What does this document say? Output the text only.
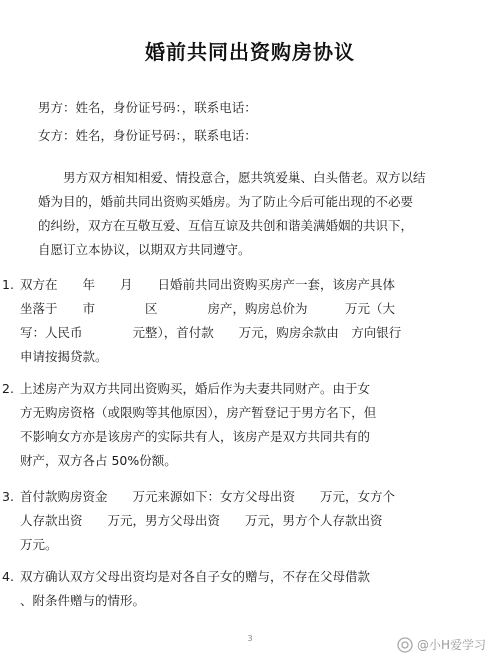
婚前共同出资购房协议
男方：姓名，身份证号码：，联系电话：
女方：姓名，身份证号码：，联系电话：
男方双方相知相爱、情投意合，愿共筑爱巢、白头偕老。双方以结
婚为目的，婚前共同出资购买婚房。为了防止今后可能出现的不必要
的纠纷，双方在互敬互爱、互信互谅及共创和谐美满婚姻的共识下，
自愿订立本协议，以期双方共同遵守。
1. 双方在　　年　　月　　日婚前共同出资购买房产一套，该房产具体
坐落于　　市　　　　区　　　　房产，购房总价为　　　万元（大
写：人民币　　　　元整），首付款　　万元，购房余款由　方向银行
申请按揭贷款。
2. 上述房产为双方共同出资购买，婚后作为夫妻共同财产。由于女
方无购房资格（或限购等其他原因），房产暂登记于男方名下，但
不影响女方亦是该房产的实际共有人，该房产是双方共同共有的
财产，双方各占 50%份额。
3. 首付款购房资金　　万元来源如下：女方父母出资　　万元，女方个
人存款出资　　万元，男方父母出资　　万元，男方个人存款出资
万元。
4. 双方确认双方父母出资均是对各自子女的赠与，不存在父母借款
、附条件赠与的情形。
3	@小H爱学习
